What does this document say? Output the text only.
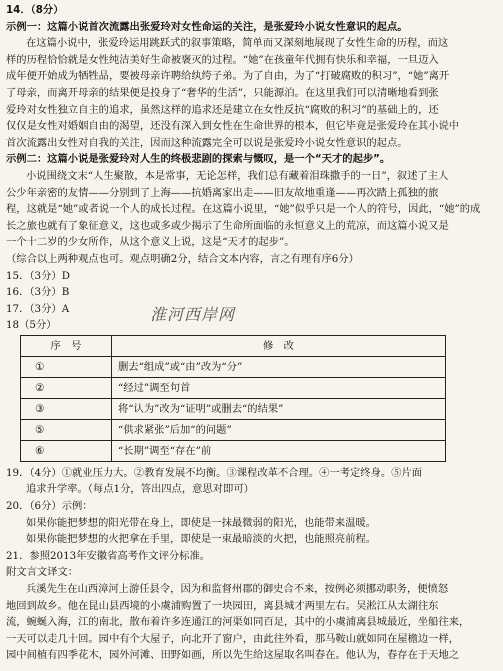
14．（8分）
示例一：这篇小说首次流露出张爱玲对女性命运的关注，是张爱玲小说女性意识的起点。
在这篇小说中，张爱玲运用跳跃式的叙事策略，简单而又深刻地展现了女性生命的历程，而这
样的历程恰恰就是女性纯洁美好生命被褒灭的过程。“她”在孩童年代拥有快乐和幸福，一旦迈入
成年便开始成为牺牲品，要被母亲许聘给纨绔子弟。为了自由，为了“打破腐败的积习”，“她”离开
了母亲，而离开母亲的结果便是投身了“奢华的生活”，只能源泊。在这里我们可以清晰地看到张
爱玲对女性独立自主的追求，虽然这样的追求还是建立在女性反抗“腐败的积习”的基础上的，还
仅仅是女性对婚姻自由的渴望，还没有深入到女性在生命世界的根本，但它毕竟是张爱玲在其小说中
首次流露出女性对自我的关注，因而这种流露完全可以说是张爱玲小说女性意识的起点。
示例二：这篇小说是张爱玲对人生的终极悲剧的探索与慨叹，是一个“天才的起步”。
小说围绕文末“人生聚散，本是常事，无论怎样，我们总有藏着泪珠撒手的一日”，叙述了主人
公少年亲密的友情——分别到了上海——抗婚离家出走——旧友故地重逢——再次踏上孤独的旅
程，这就是“她”或者说一个人的成长过程。在这篇小说里，“她”似乎只是一个人的符号，因此，“她”的成
长之旅也就有了象征意义，这也或多或少揭示了生命所面临的永恒意义上的荒凉，而这篇小说又是
一个十二岁的少女所作，从这个意义上说，这是“天才的起步”。
（综合以上两种观点也可。观点明确2分，结合文本内容，言之有理有序6分）
15．（3分）D
16．（3分）B
17．（3分）A
18（5分）
序　号	修　改
①	删去“组成”或“由”改为“分”
②	“经过”调至句首
③	将“认为”改为“证明”或删去“的结果”
⑤	“供求紧张”后加“的问题”
⑥	“长期”调至“存在”前
19．（4分）①就业压力大。②教育发展不均衡。③课程改革不合理。④一考定终身。⑤片面
追求升学率。（每点1分，答出四点，意思对即可）
20．（6分）示例：
如果你能把梦想的阳光带在身上，即使是一抹最微弱的阳光，也能带来温暖。
如果你能把梦想的火把拿在手里，即使是一束最暗淡的火把，也能照亮前程。
21．参照2013年安徽省高考作文评分标准。
附文言文译文：
兵溪先生在山西漳河上游任县令，因为和监督州郡的御史合不来，按例必须挪动职务，便愤怒
地回到故乡。他在昆山县西境的小虞浦购置了一块园田，离县城才两里左右。吴淞江从太湖往东
流，蜿蜒入海，江的南北，散布着许多连通江的河渠如同百足，其中的小虞浦离县城最近，坐船往来，
一天可以走几十回。园中有个大屋子，向北开了窗户，由此往外看，那马鞍山就如同在屋檐边一样，
园中间植有四季花木，园外河滩、田野如画，所以先生给这屋取名叫春在。他认为，春存在于天地之
淮河西岸网
